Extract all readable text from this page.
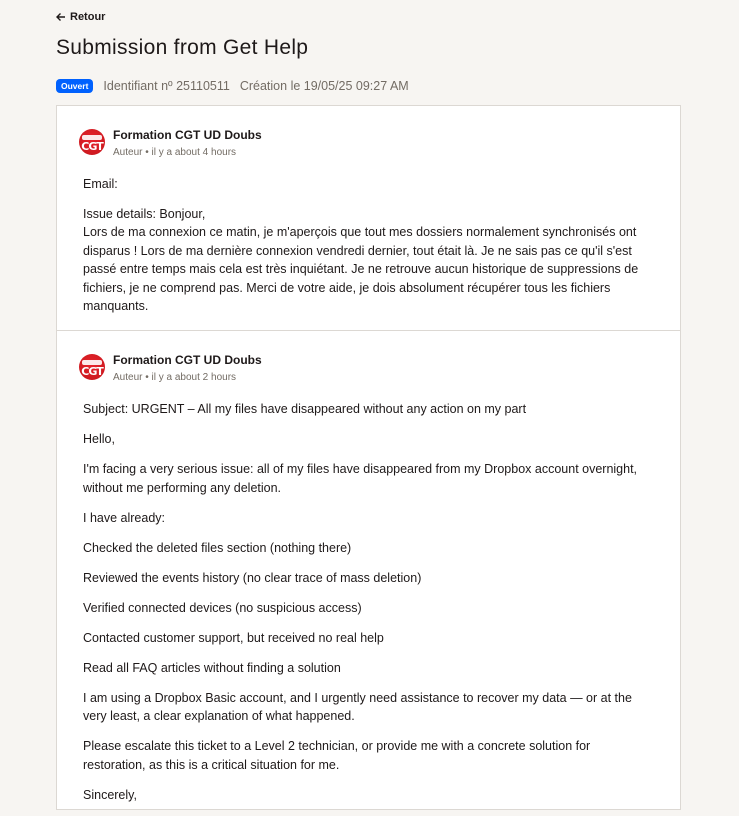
Retour
Submission from Get Help
Ouvert	Identifiant nº 25110511 Création le 19/05/25 09:27 AM
CGT
Formation CGT UD Doubs
Auteur • il y a about 4 hours

Email:

Issue details: Bonjour,
Lors de ma connexion ce matin, je m'aperçois que tout mes dossiers normalement synchronisés ont disparus ! Lors de ma dernière connexion vendredi dernier, tout était là. Je ne sais pas ce qu'il s'est passé entre temps mais cela est très inquiétant. Je ne retrouve aucun historique de suppressions de fichiers, je ne comprend pas. Merci de votre aide, je dois absolument récupérer tous les fichiers manquants.

CGT
Formation CGT UD Doubs
Auteur • il y a about 2 hours

Subject: URGENT – All my files have disappeared without any action on my part

Hello,

I'm facing a very serious issue: all of my files have disappeared from my Dropbox account overnight, without me performing any deletion.

I have already:

Checked the deleted files section (nothing there)

Reviewed the events history (no clear trace of mass deletion)

Verified connected devices (no suspicious access)

Contacted customer support, but received no real help

Read all FAQ articles without finding a solution

I am using a Dropbox Basic account, and I urgently need assistance to recover my data — or at the very least, a clear explanation of what happened.

Please escalate this ticket to a Level 2 technician, or provide me with a concrete solution for restoration, as this is a critical situation for me.

Sincerely,
